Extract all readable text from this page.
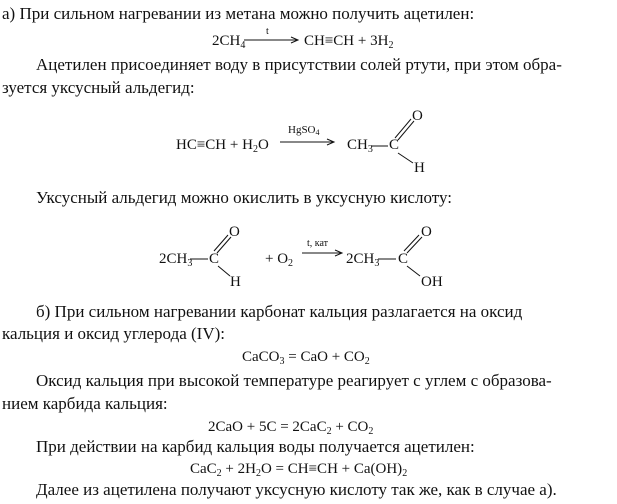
а) При сильном нагревании из метана можно получить ацетилен:
$2CH_4$
t
$CH\equiv CH + 3H_2$
Ацетилен присоединяет воду в присутствии солей ртути, при этом обра-
зуется уксусный альдегид:
$HC\equiv CH + H_2O$
HgSO$_4$
$CH_3$ C
O
H
Уксусный альдегид можно окислить в уксусную кислоту:
$2CH_3$ C
O
H
+ $O_2$
t, кат
$2CH_3$ C
O
OH
б) При сильном нагревании карбонат кальция разлагается на оксид
кальция и оксид углерода (IV):
CaCO$_3$ = CaO + $CO_2$
Оксид кальция при высокой температуре реагирует с углем с образова-
нием карбида кальция:
$2CaO + 5C = 2CaC_2 + CO_2$
При действии на карбид кальция воды получается ацетилен:
$CaC_2 + 2H_2O = CH\equiv CH + Ca(OH)_2$
Далее из ацетилена получают уксусную кислоту так же, как в случае а).
